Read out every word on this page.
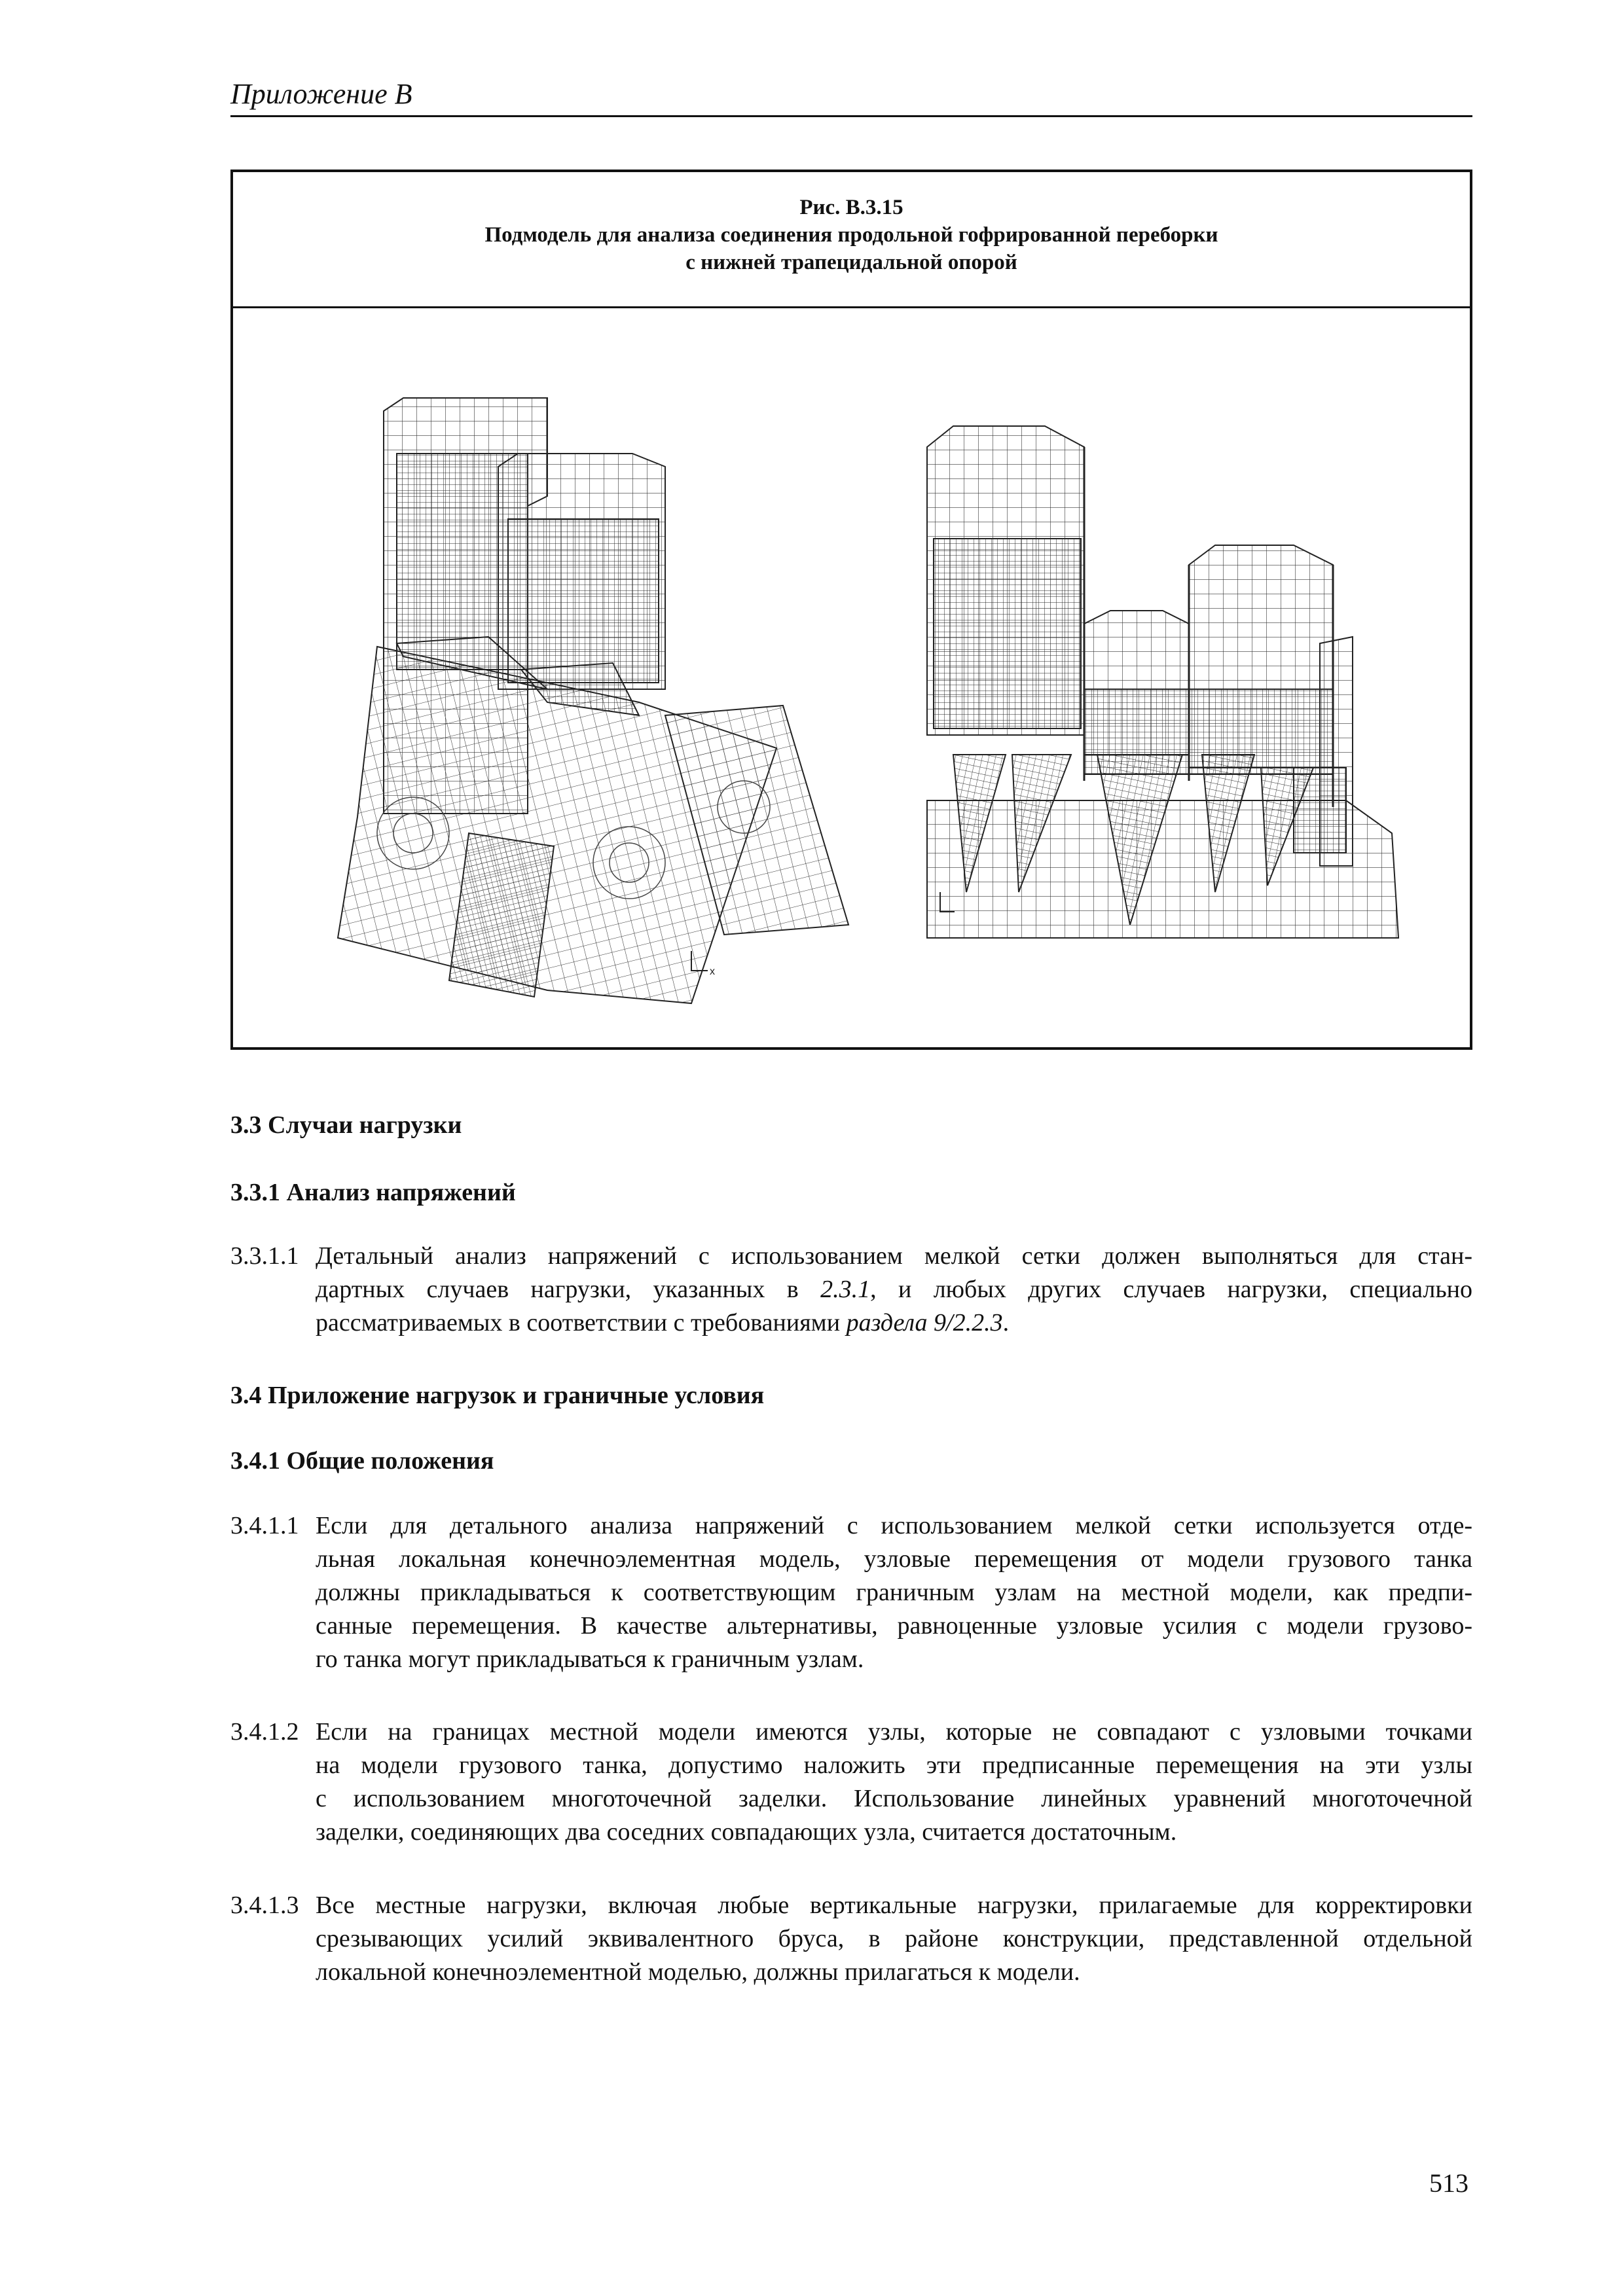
Приложение В
Рис. В.3.15
Подмодель для анализа соединения продольной гофрированной переборки
с нижней трапецидальной опорой
x
3.3 Случаи нагрузки
3.3.1 Анализ напряжений
3.3.1.1 Детальный анализ напряжений с использованием мелкой сетки должен выполняться для стан-
дартных случаев нагрузки, указанных в 2.3.1, и любых других случаев нагрузки, специально
рассматриваемых в соответствии с требованиями раздела 9/2.2.3.
3.4 Приложение нагрузок и граничные условия
3.4.1 Общие положения
3.4.1.1 Если для детального анализа напряжений с использованием мелкой сетки используется отде-
льная локальная конечноэлементная модель, узловые перемещения от модели грузового танка
должны прикладываться к соответствующим граничным узлам на местной модели, как предпи-
санные перемещения. В качестве альтернативы, равноценные узловые усилия с модели грузово-
го танка могут прикладываться к граничным узлам.
3.4.1.2 Если на границах местной модели имеются узлы, которые не совпадают с узловыми точками
на модели грузового танка, допустимо наложить эти предписанные перемещения на эти узлы
с использованием многоточечной заделки. Использование линейных уравнений многоточечной
заделки, соединяющих два соседних совпадающих узла, считается достаточным.
3.4.1.3 Все местные нагрузки, включая любые вертикальные нагрузки, прилагаемые для корректировки
срезывающих усилий эквивалентного бруса, в районе конструкции, представленной отдельной
локальной конечноэлементной моделью, должны прилагаться к модели.
513
